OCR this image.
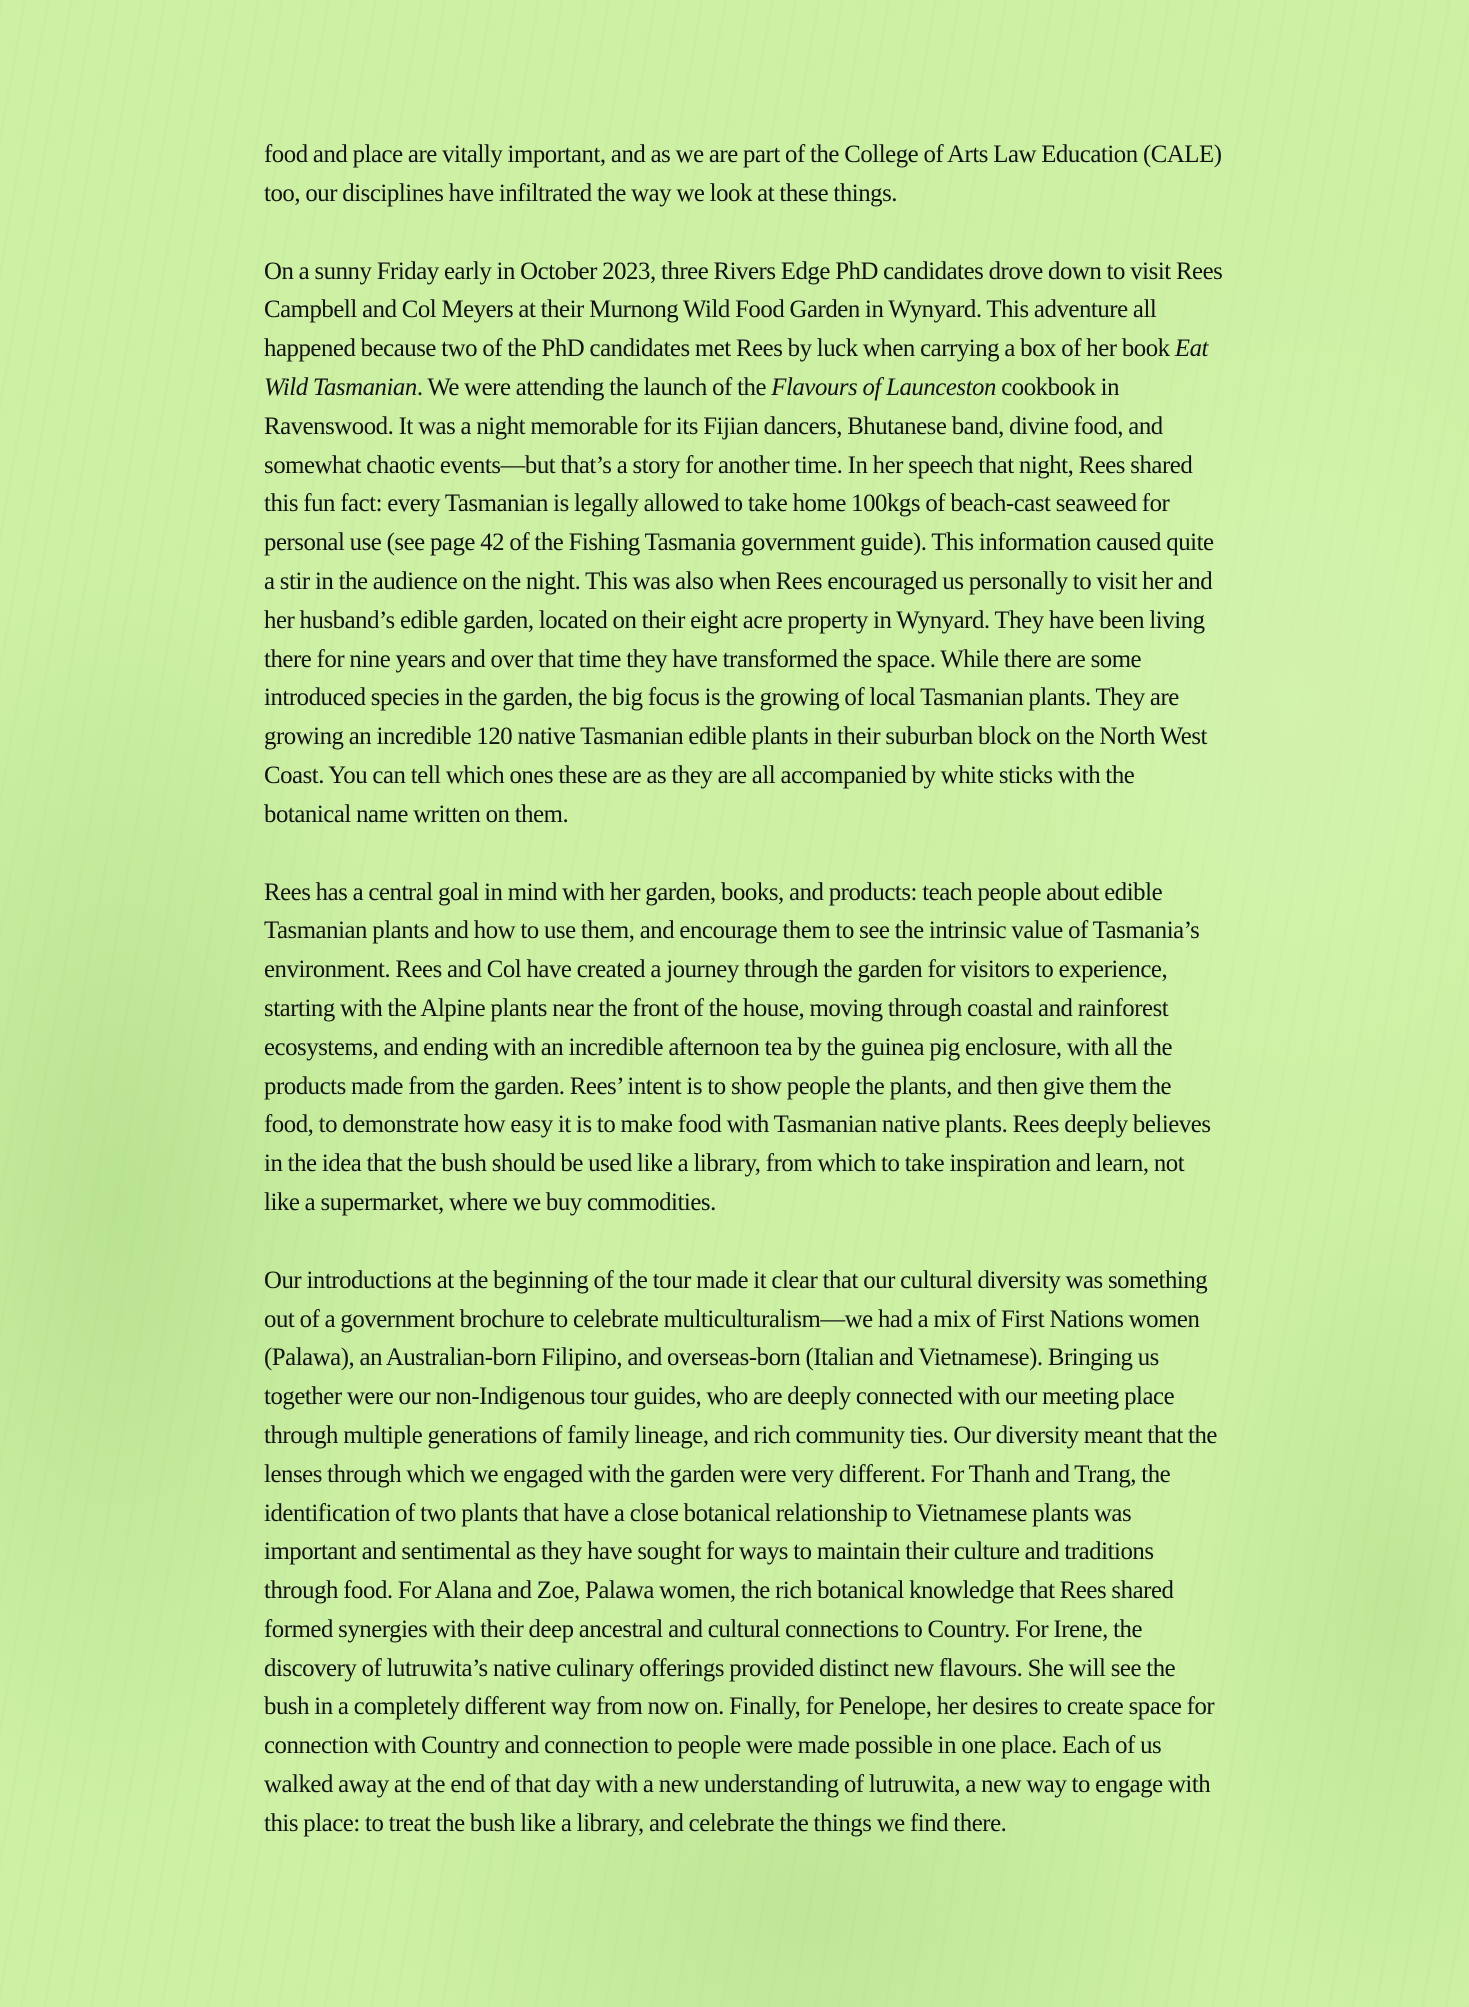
food and place are vitally important, and as we are part of the College of Arts Law Education (CALE) too, our disciplines have infiltrated the way we look at these things.

On a sunny Friday early in October 2023, three Rivers Edge PhD candidates drove down to visit Rees Campbell and Col Meyers at their Murnong Wild Food Garden in Wynyard. This adventure all happened because two of the PhD candidates met Rees by luck when carrying a box of her book Eat Wild Tasmanian. We were attending the launch of the Flavours of Launceston cookbook in Ravenswood. It was a night memorable for its Fijian dancers, Bhutanese band, divine food, and somewhat chaotic events—but that’s a story for another time. In her speech that night, Rees shared this fun fact: every Tasmanian is legally allowed to take home 100kgs of beach-cast seaweed for personal use (see page 42 of the Fishing Tasmania government guide). This information caused quite a stir in the audience on the night. This was also when Rees encouraged us personally to visit her and her husband’s edible garden, located on their eight acre property in Wynyard. They have been living there for nine years and over that time they have transformed the space. While there are some introduced species in the garden, the big focus is the growing of local Tasmanian plants. They are growing an incredible 120 native Tasmanian edible plants in their suburban block on the North West Coast. You can tell which ones these are as they are all accompanied by white sticks with the botanical name written on them.

Rees has a central goal in mind with her garden, books, and products: teach people about edible Tasmanian plants and how to use them, and encourage them to see the intrinsic value of Tasmania’s environment. Rees and Col have created a journey through the garden for visitors to experience, starting with the Alpine plants near the front of the house, moving through coastal and rainforest ecosystems, and ending with an incredible afternoon tea by the guinea pig enclosure, with all the products made from the garden. Rees’ intent is to show people the plants, and then give them the food, to demonstrate how easy it is to make food with Tasmanian native plants. Rees deeply believes in the idea that the bush should be used like a library, from which to take inspiration and learn, not like a supermarket, where we buy commodities.

Our introductions at the beginning of the tour made it clear that our cultural diversity was something out of a government brochure to celebrate multiculturalism—we had a mix of First Nations women (Palawa), an Australian-born Filipino, and overseas-born (Italian and Vietnamese). Bringing us together were our non-Indigenous tour guides, who are deeply connected with our meeting place through multiple generations of family lineage, and rich community ties. Our diversity meant that the lenses through which we engaged with the garden were very different. For Thanh and Trang, the identification of two plants that have a close botanical relationship to Vietnamese plants was important and sentimental as they have sought for ways to maintain their culture and traditions through food. For Alana and Zoe, Palawa women, the rich botanical knowledge that Rees shared formed synergies with their deep ancestral and cultural connections to Country. For Irene, the discovery of lutruwita’s native culinary offerings provided distinct new flavours. She will see the bush in a completely different way from now on. Finally, for Penelope, her desires to create space for connection with Country and connection to people were made possible in one place. Each of us walked away at the end of that day with a new understanding of lutruwita, a new way to engage with this place: to treat the bush like a library, and celebrate the things we find there.
